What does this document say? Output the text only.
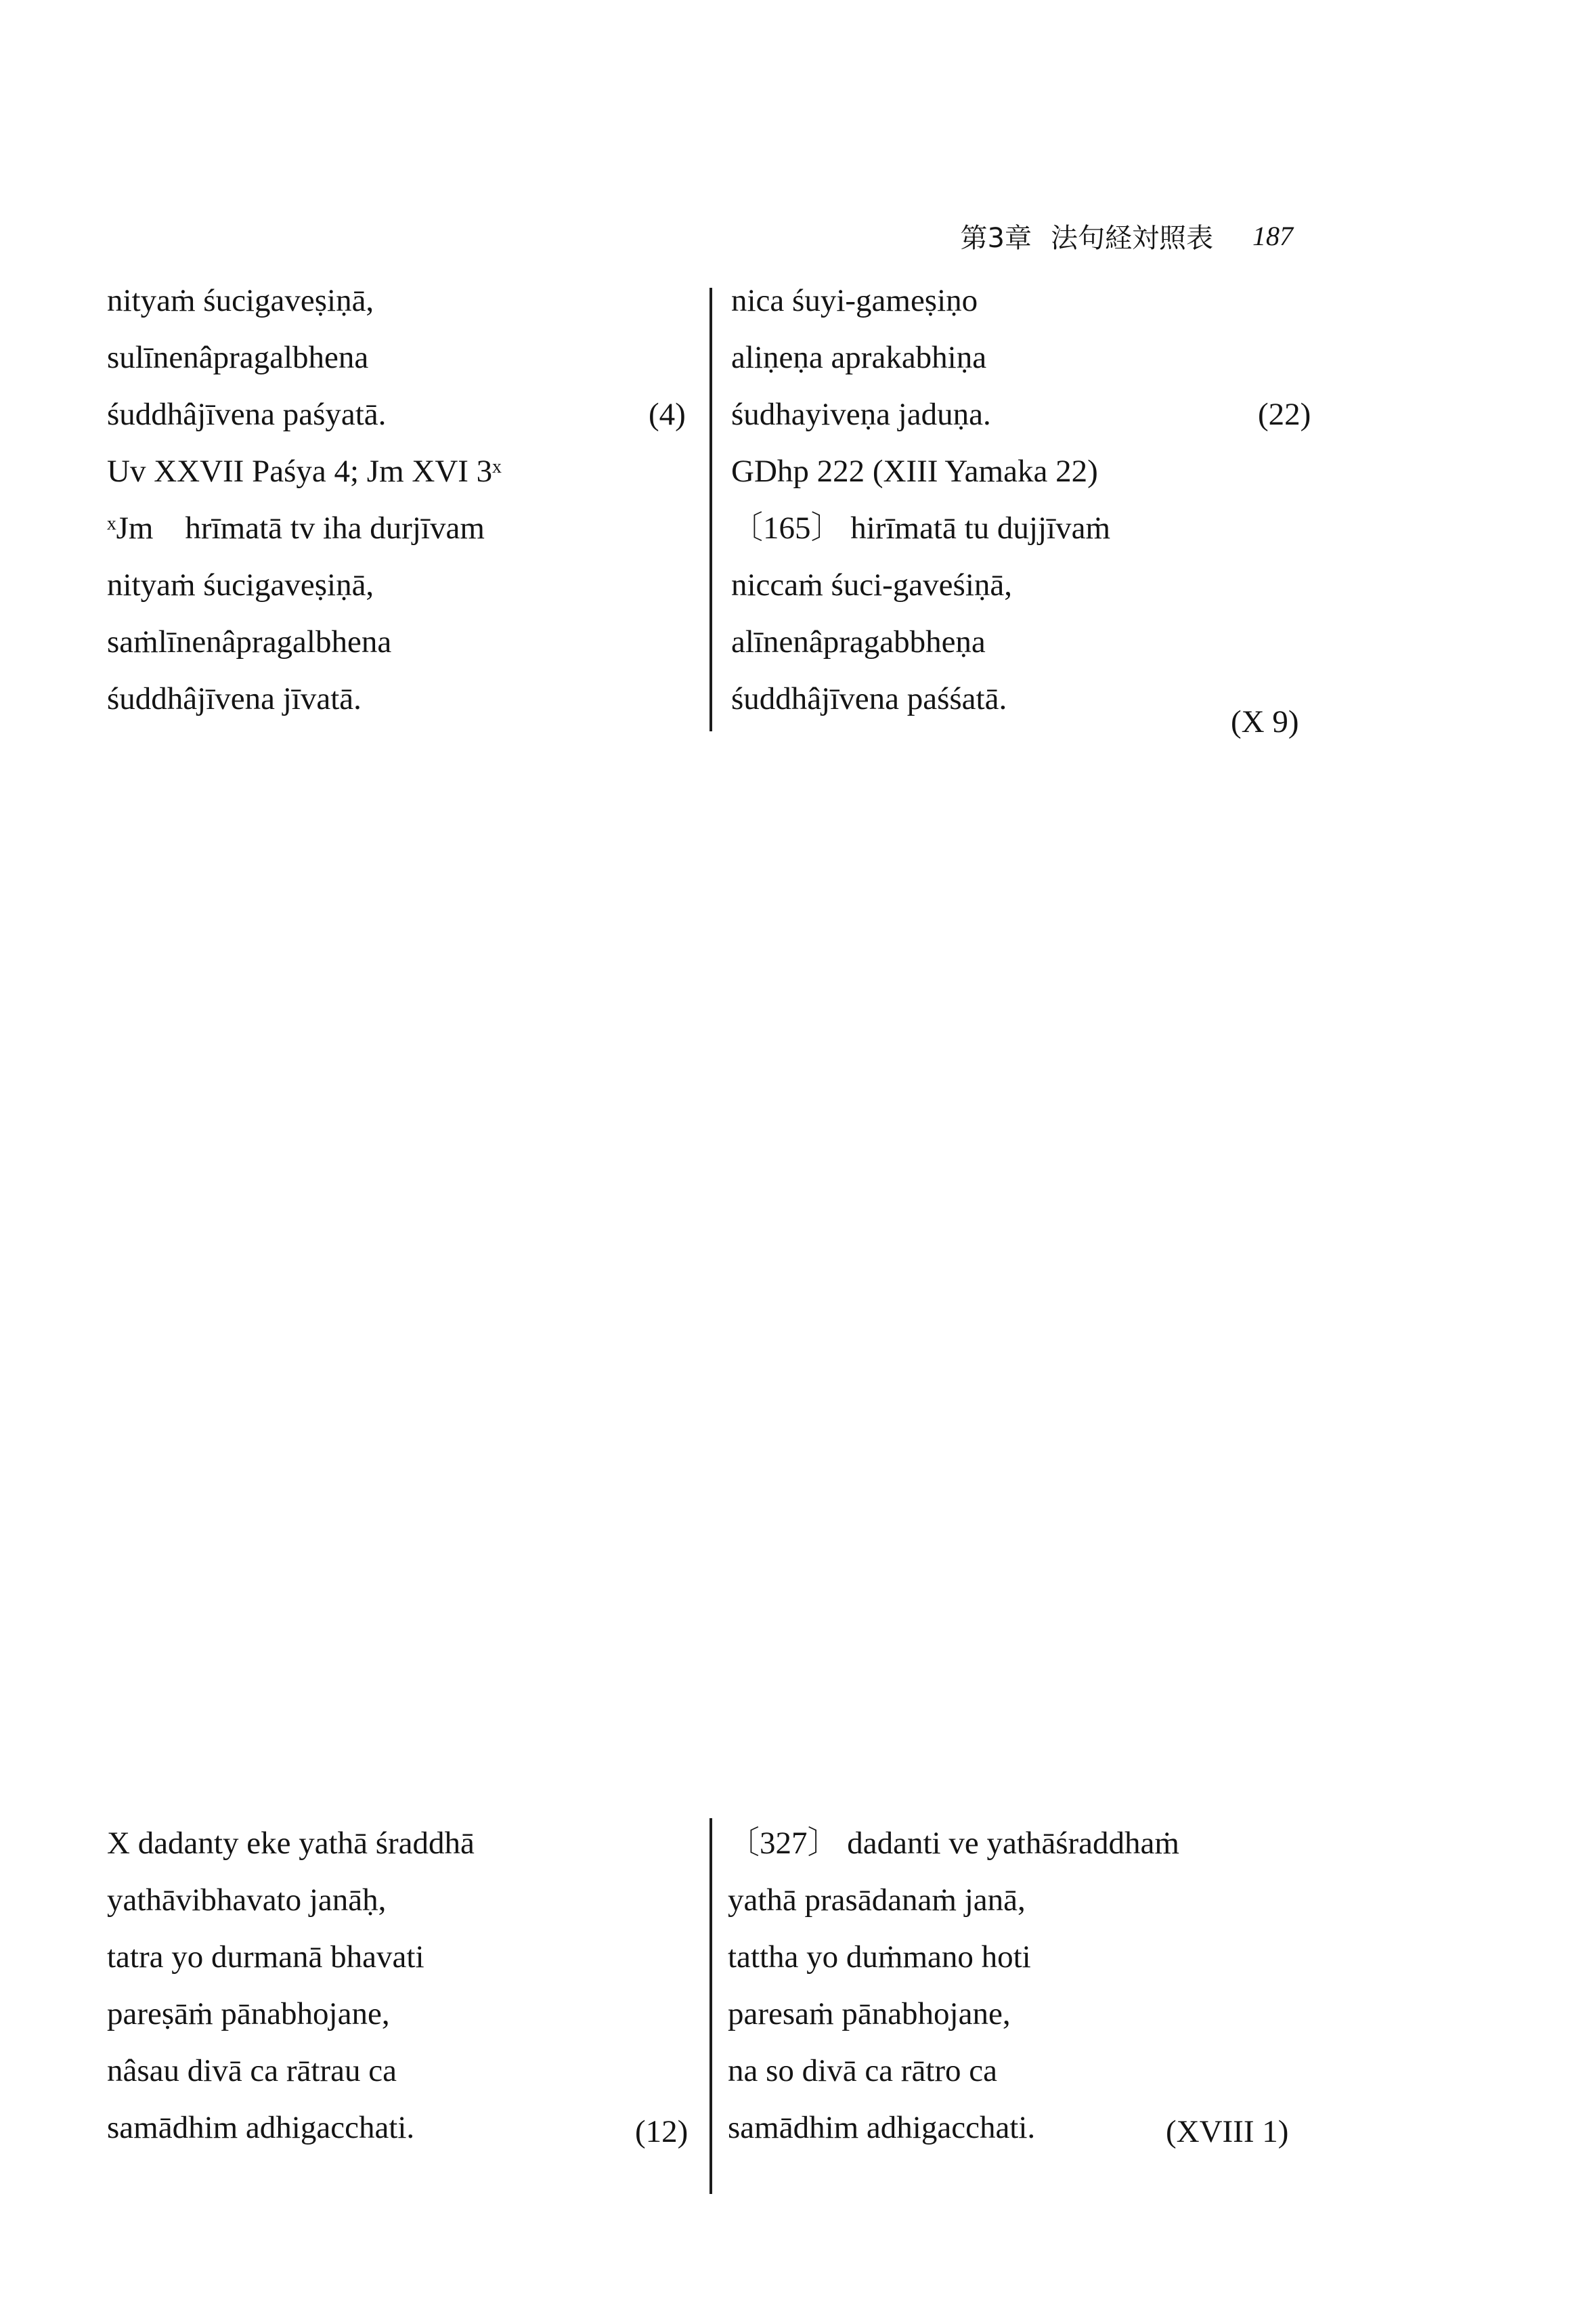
第3章 法句経対照表 187
nityaṁ śucigaveṣiṇā,
sulīnenâpragalbhena
śuddhâjīvena paśyatā.
Uv XXVII Paśya 4; Jm XVI 3ˣ
ˣJm    hrīmatā tv iha durjīvam
nityaṁ śucigaveṣiṇā,
saṁlīnenâpragalbhena
śuddhâjīvena jīvatā.
(4)
nica śuyi-gameṣiṇo
aliṇeṇa aprakabhiṇa
śudhayiveṇa jaduṇa.
GDhp 222 (XIII Yamaka 22)
〔165〕 hirīmatā tu dujjīvaṁ
niccaṁ śuci-gaveśiṇā,
alīnenâpragabbheṇa
śuddhâjīvena paśśatā.
(22)
(X 9)
X dadanty eke yathā śraddhā
yathāvibhavato janāḥ,
tatra yo durmanā bhavati
pareṣāṁ pānabhojane,
nâsau divā ca rātrau ca
samādhim adhigacchati.	(12)
〔327〕 dadanti ve yathāśraddhaṁ
yathā prasādanaṁ janā,
tattha yo duṁmano hoti
paresaṁ pānabhojane,
na so divā ca rātro ca
samādhim adhigacchati.	(XVIII 1)
